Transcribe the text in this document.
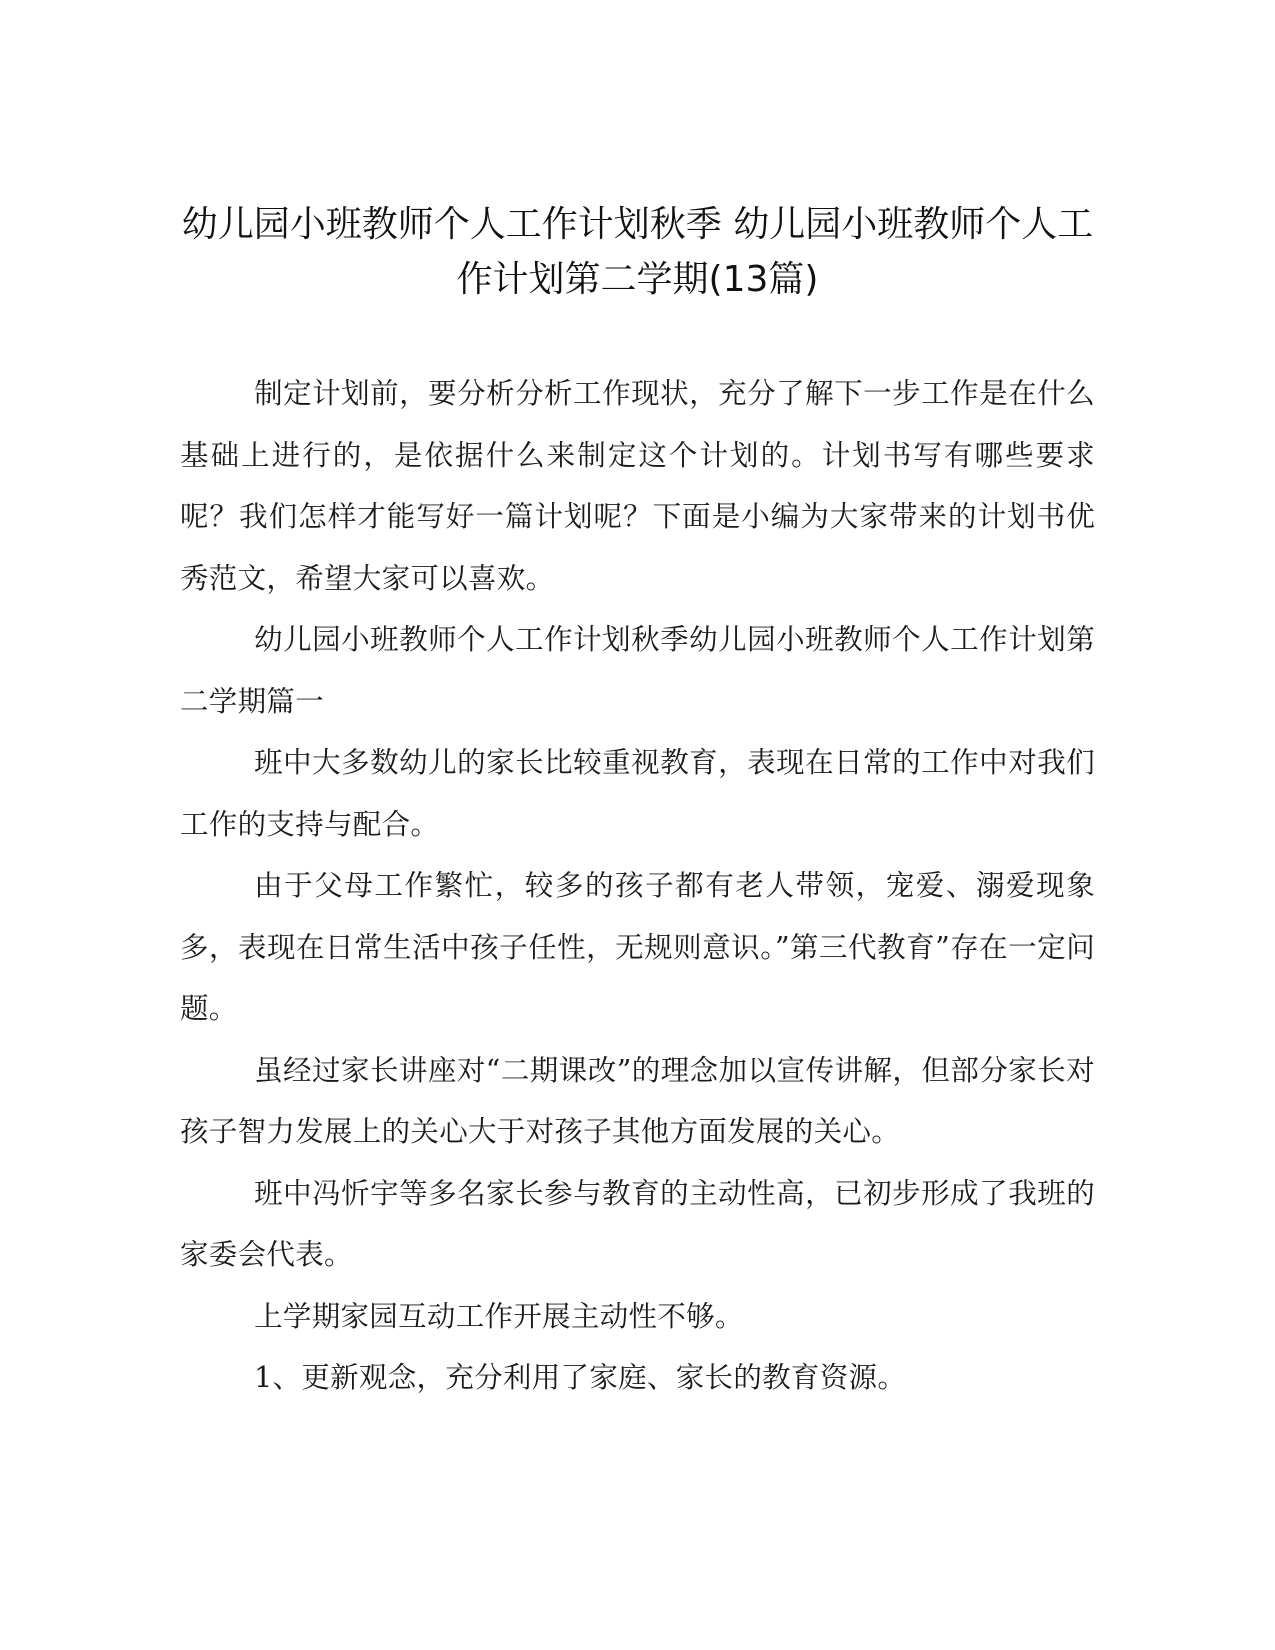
幼儿园小班教师个人工作计划秋季 幼儿园小班教师个人工作计划第二学期(13篇)

制定计划前，要分析分析工作现状，充分了解下一步工作是在什么基础上进行的，是依据什么来制定这个计划的。计划书写有哪些要求呢？我们怎样才能写好一篇计划呢？下面是小编为大家带来的计划书优秀范文，希望大家可以喜欢。

幼儿园小班教师个人工作计划秋季幼儿园小班教师个人工作计划第二学期篇一

班中大多数幼儿的家长比较重视教育，表现在日常的工作中对我们工作的支持与配合。

由于父母工作繁忙，较多的孩子都有老人带领，宠爱、溺爱现象多，表现在日常生活中孩子任性，无规则意识。”第三代教育”存在一定问题。

虽经过家长讲座对“二期课改”的理念加以宣传讲解，但部分家长对孩子智力发展上的关心大于对孩子其他方面发展的关心。

班中冯忻宇等多名家长参与教育的主动性高，已初步形成了我班的家委会代表。

上学期家园互动工作开展主动性不够。

1、更新观念，充分利用了家庭、家长的教育资源。
